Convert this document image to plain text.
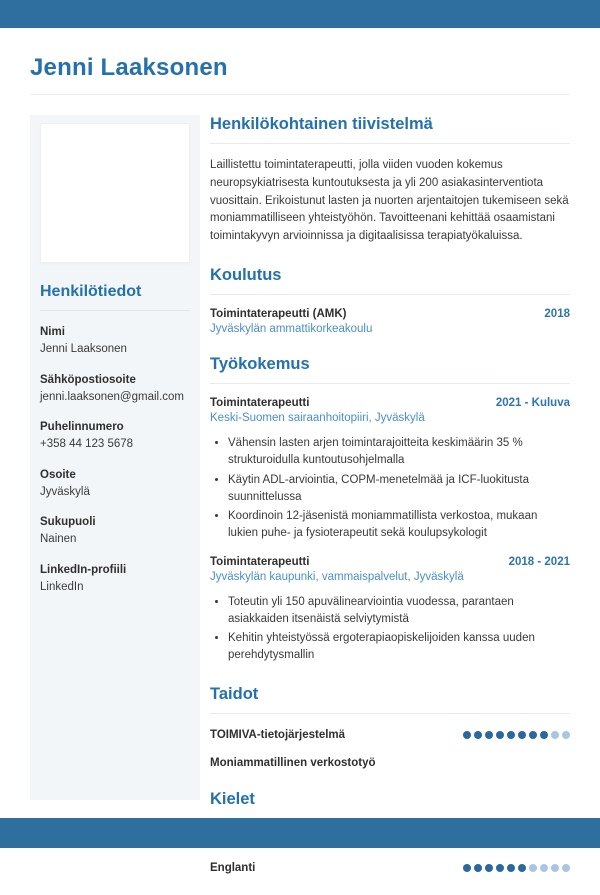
Jenni Laaksonen
Henkilötiedot
Nimi
Jenni Laaksonen
Sähköpostiosoite
jenni.laaksonen@gmail.com
Puhelinnumero
+358 44 123 5678
Osoite
Jyväskylä
Sukupuoli
Nainen
LinkedIn-profiili
LinkedIn
Henkilökohtainen tiivistelmä

Laillistettu toimintaterapeutti, jolla viiden vuoden kokemus neuropsykiatrisesta kuntoutuksesta ja yli 200 asiakasinterventiota vuosittain. Erikoistunut lasten ja nuorten arjentaitojen tukemiseen sekä moniammatilliseen yhteistyöhön. Tavoitteenani kehittää osaamistani toimintakyvyn arvioinnissa ja digitaalisissa terapiatyökaluissa.

Koulutus
Toimintaterapeutti (AMK)	2018
Jyväskylän ammattikorkeakoulu
Työkokemus
Toimintaterapeutti	2021 - Kuluva
Keski-Suomen sairaanhoitopiiri, Jyväskylä
• Vähensin lasten arjen toimintarajoitteita keskimäärin 35 % strukturoidulla kuntoutusohjelmalla
• Käytin ADL-arviointia, COPM-menetelmää ja ICF-luokitusta suunnittelussa
• Koordinoin 12-jäsenistä moniammatillista verkostoa, mukaan lukien puhe- ja fysioterapeutit sekä koulupsykologit
Toimintaterapeutti	2018 - 2021
Jyväskylän kaupunki, vammaispalvelut, Jyväskylä
• Toteutin yli 150 apuvälinearviointia vuodessa, parantaen asiakkaiden itsenäistä selviytymistä
• Kehitin yhteistyössä ergoterapiaopiskelijoiden kanssa uuden perehdytysmallin
Taidot
TOIMIVA-tietojärjestelmä
Moniammatillinen verkostotyö
Kielet
Englanti
